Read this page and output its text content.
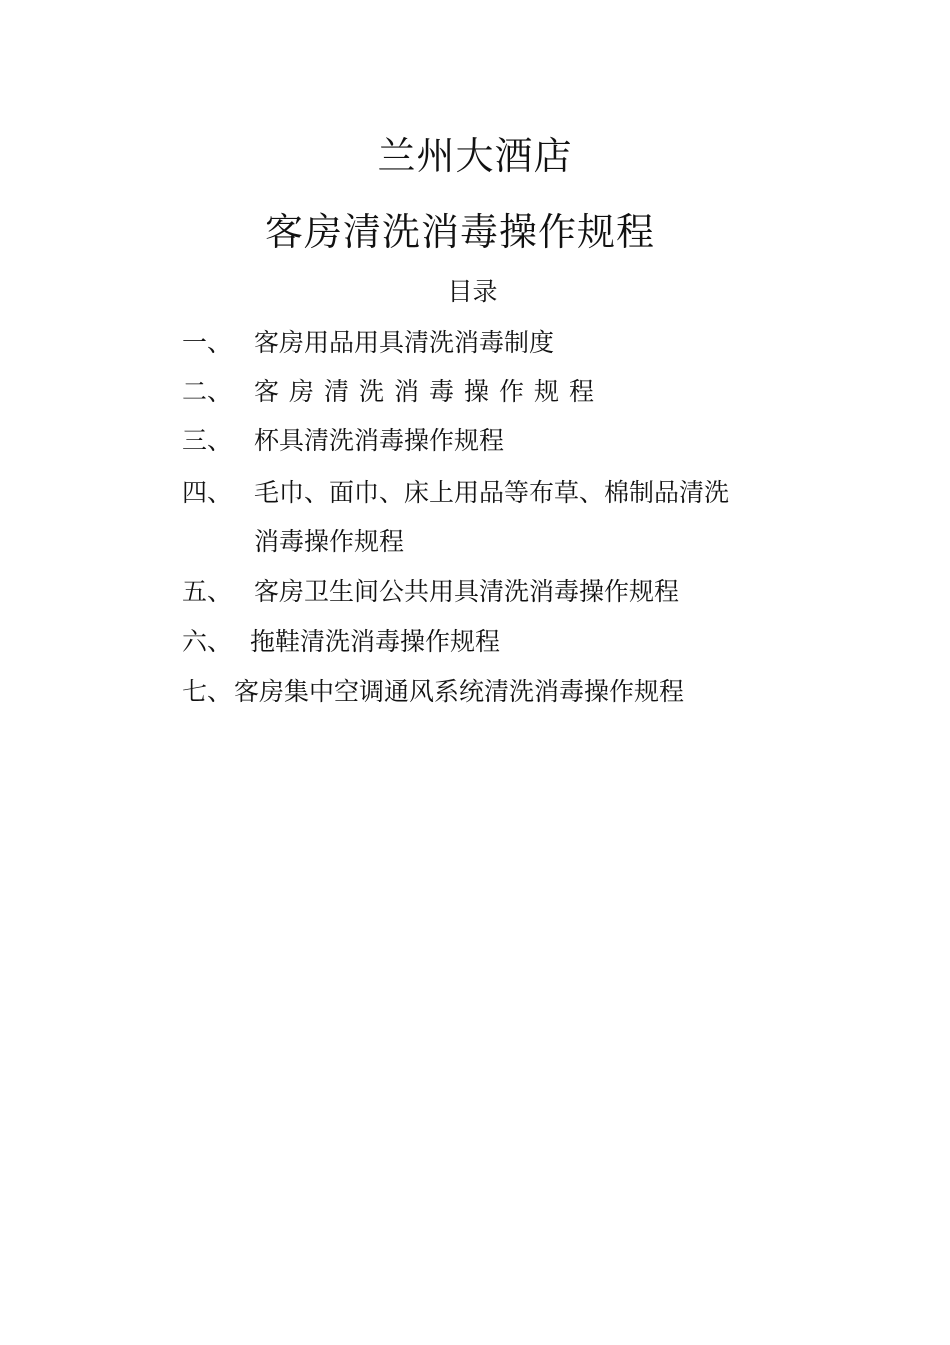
兰州大酒店
客房清洗消毒操作规程
目录
一、 客房用品用具清洗消毒制度
二、 客房清洗消毒操作规程
三、 杯具清洗消毒操作规程
四、 毛巾、面巾、床上用品等布草、棉制品清洗
消毒操作规程
五、 客房卫生间公共用具清洗消毒操作规程
六、 拖鞋清洗消毒操作规程
七、 客房集中空调通风系统清洗消毒操作规程
